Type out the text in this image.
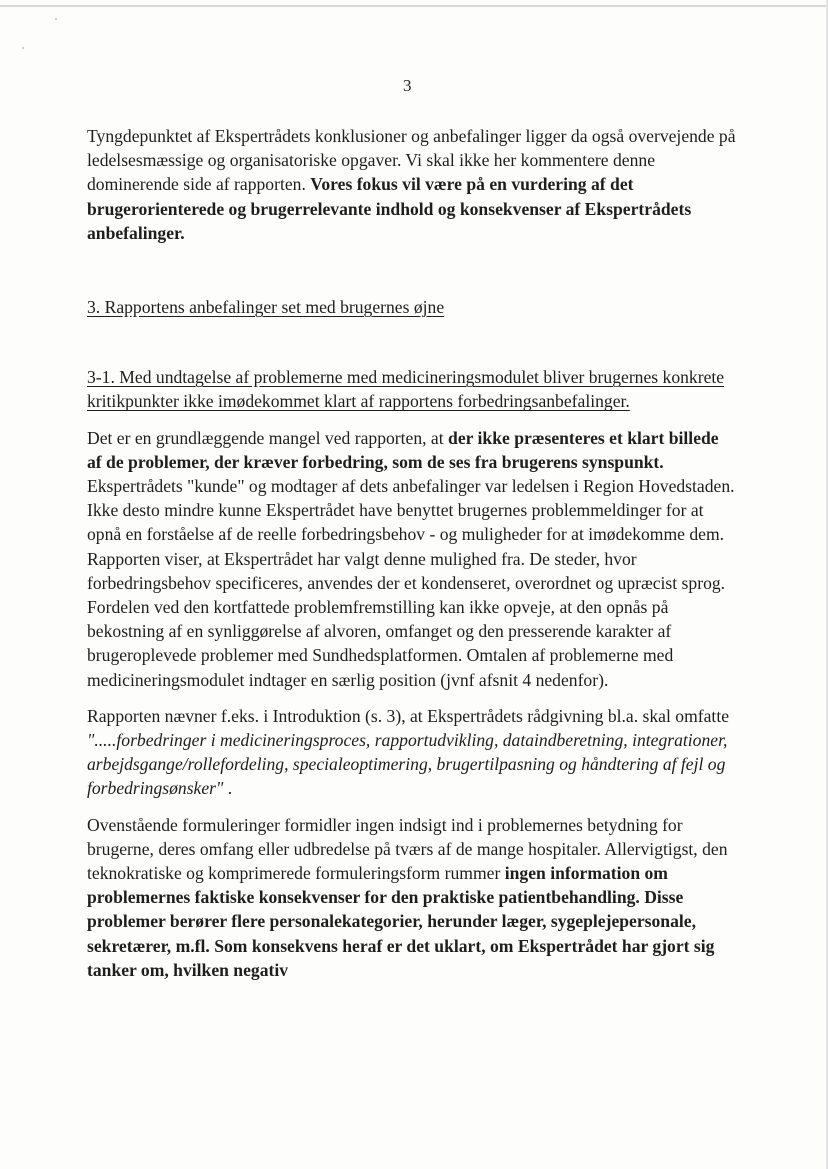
3

Tyngdepunktet af Ekspertrådets konklusioner og anbefalinger ligger da også overvejende på ledelsesmæssige og organisatoriske opgaver. Vi skal ikke her kommentere denne dominerende side af rapporten. Vores fokus vil være på en vurdering af det brugerorienterede og brugerrelevante indhold og konsekvenser af Ekspertrådets anbefalinger.

3. Rapportens anbefalinger set med brugernes øjne

3-1. Med undtagelse af problemerne med medicineringsmodulet bliver brugernes konkrete kritikpunkter ikke imødekommet klart af rapportens forbedringsanbefalinger.

Det er en grundlæggende mangel ved rapporten, at der ikke præsenteres et klart billede af de problemer, der kræver forbedring, som de ses fra brugerens synspunkt. Ekspertrådets "kunde" og modtager af dets anbefalinger var ledelsen i Region Hovedstaden. Ikke desto mindre kunne Ekspertrådet have benyttet brugernes problemmeldinger for at opnå en forståelse af de reelle forbedringsbehov - og muligheder for at imødekomme dem. Rapporten viser, at Ekspertrådet har valgt denne mulighed fra. De steder, hvor forbedringsbehov specificeres, anvendes der et kondenseret, overordnet og upræcist sprog. Fordelen ved den kortfattede problemfremstilling kan ikke opveje, at den opnås på bekostning af en synliggørelse af alvoren, omfanget og den presserende karakter af brugeroplevede problemer med Sundhedsplatformen. Omtalen af problemerne med medicineringsmodulet indtager en særlig position (jvnf afsnit 4 nedenfor).

Rapporten nævner f.eks. i Introduktion (s. 3), at Ekspertrådets rådgivning bl.a. skal omfatte ".....forbedringer i medicineringsproces, rapportudvikling, dataindberetning, integrationer, arbejdsgange/rollefordeling, specialeoptimering, brugertilpasning og håndtering af fejl og forbedringsønsker" .

Ovenstående formuleringer formidler ingen indsigt ind i problemernes betydning for brugerne, deres omfang eller udbredelse på tværs af de mange hospitaler. Allervigtigst, den teknokratiske og komprimerede formuleringsform rummer ingen information om problemernes faktiske konsekvenser for den praktiske patientbehandling. Disse problemer berører flere personalekategorier, herunder læger, sygeplejepersonale, sekretærer, m.fl. Som konsekvens heraf er det uklart, om Ekspertrådet har gjort sig tanker om, hvilken negativ
